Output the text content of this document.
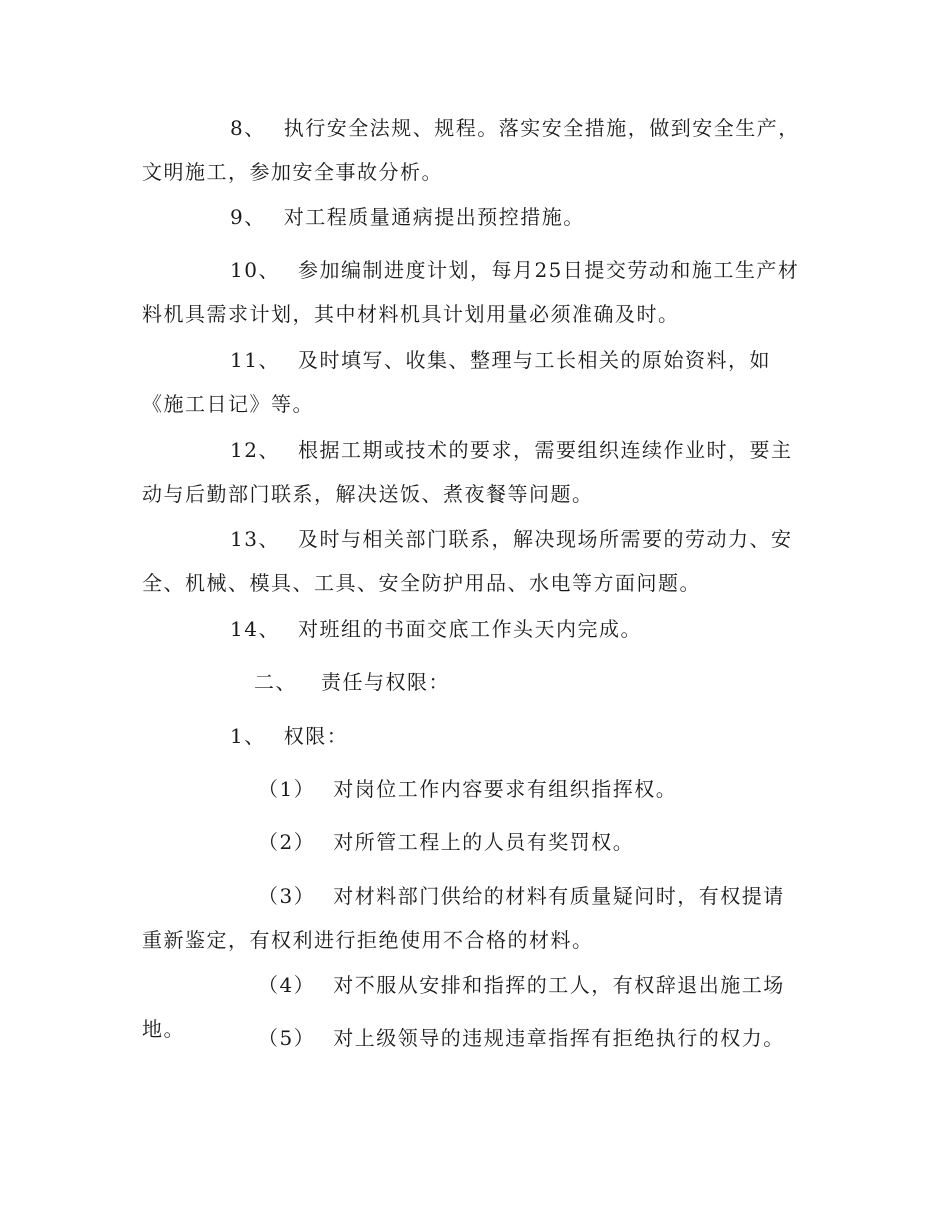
8、 执行安全法规、规程。落实安全措施，做到安全生产，文明施工，参加安全事故分析。

9、 对工程质量通病提出预控措施。

10、 参加编制进度计划，每月25日提交劳动和施工生产材料机具需求计划，其中材料机具计划用量必须准确及时。

11、 及时填写、收集、整理与工长相关的原始资料，如《施工日记》等。

12、 根据工期或技术的要求，需要组织连续作业时，要主动与后勤部门联系，解决送饭、煮夜餐等问题。

13、 及时与相关部门联系，解决现场所需要的劳动力、安全、机械、模具、工具、安全防护用品、水电等方面问题。

14、 对班组的书面交底工作头天内完成。

二、 责任与权限：

1、 权限：

（1） 对岗位工作内容要求有组织指挥权。

（2） 对所管工程上的人员有奖罚权。

（3） 对材料部门供给的材料有质量疑问时，有权提请重新鉴定，有权利进行拒绝使用不合格的材料。

（4） 对不服从安排和指挥的工人，有权辞退出施工场地。	（5） 对上级领导的违规违章指挥有拒绝执行的权力。
